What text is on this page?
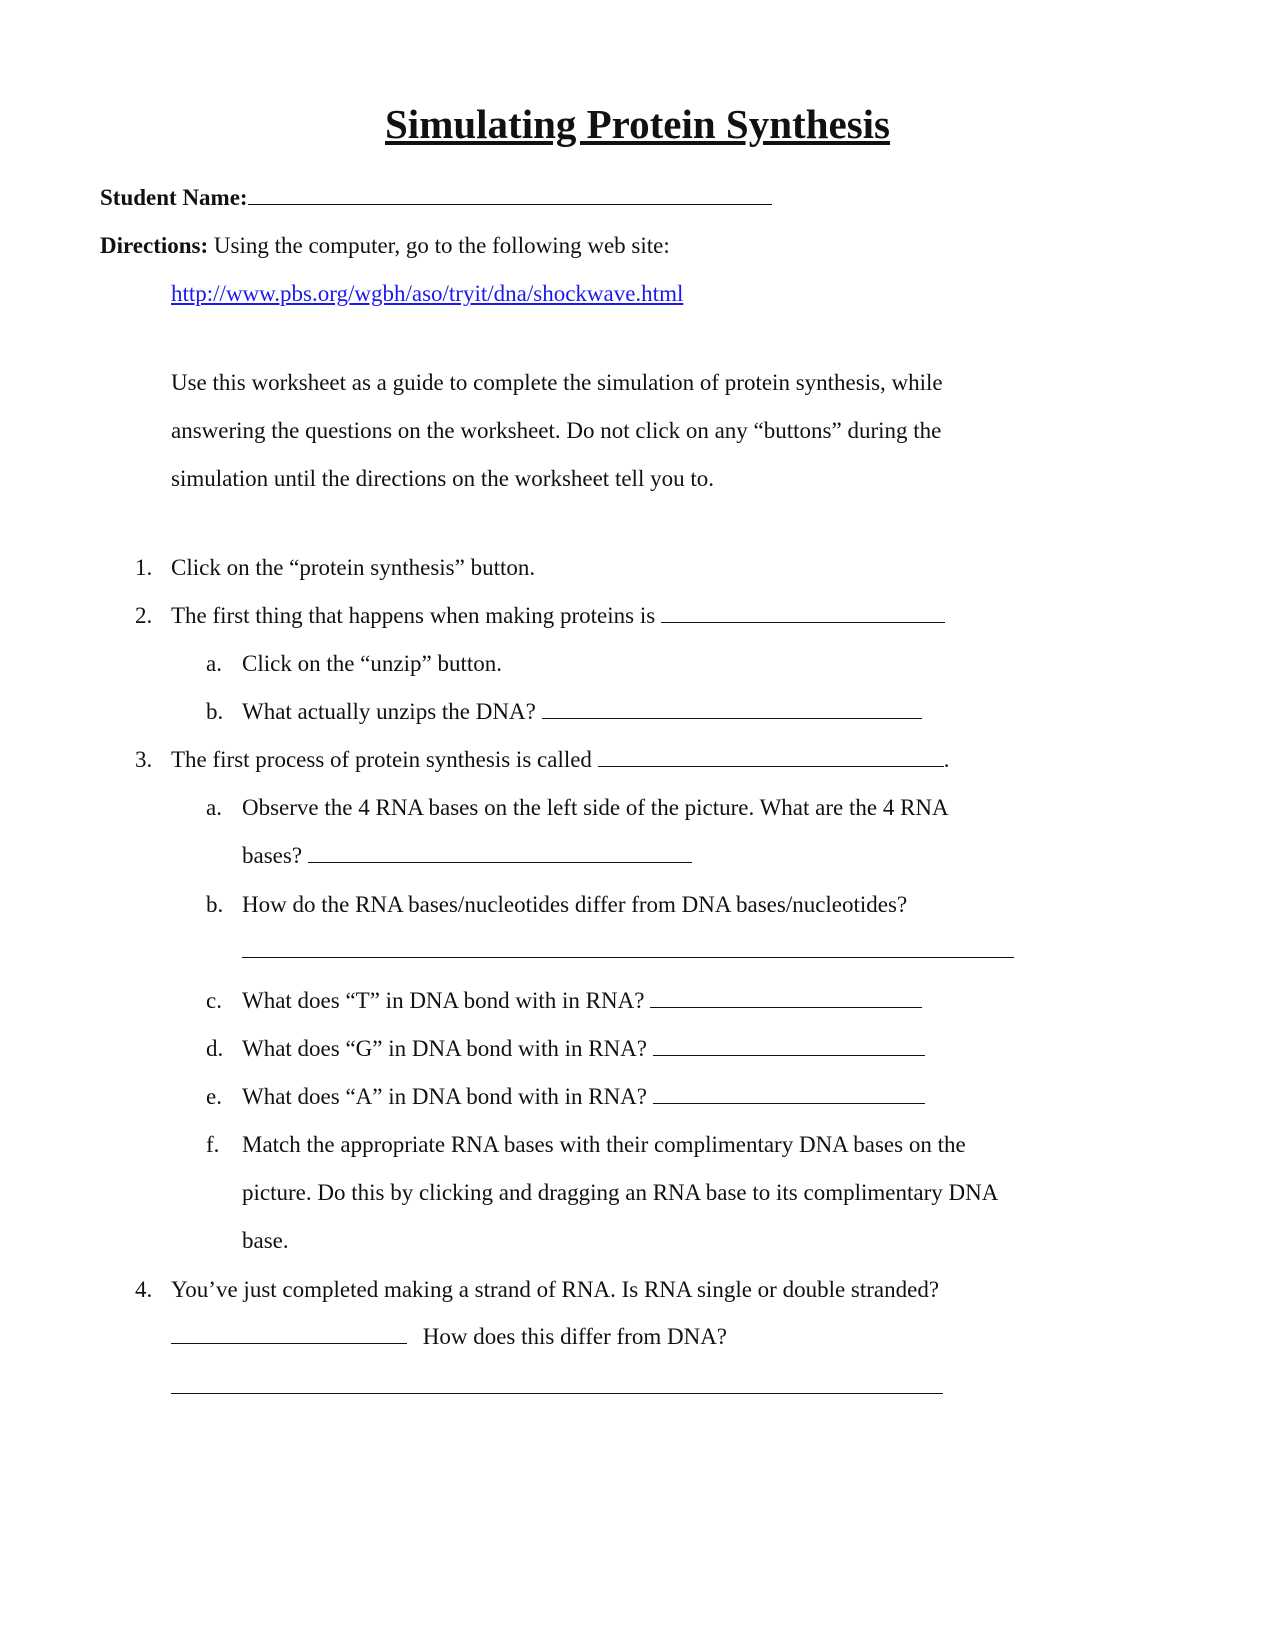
Simulating Protein Synthesis
Student Name:
Directions: Using the computer, go to the following web site:
http://www.pbs.org/wgbh/aso/tryit/dna/shockwave.html
Use this worksheet as a guide to complete the simulation of protein synthesis, while
answering the questions on the worksheet. Do not click on any “buttons” during the
simulation until the directions on the worksheet tell you to.
1. Click on the “protein synthesis” button.
2. The first thing that happens when making proteins is
a. Click on the “unzip” button.
b. What actually unzips the DNA?
3. The first process of protein synthesis is called	.
a. Observe the 4 RNA bases on the left side of the picture. What are the 4 RNA
bases?
b. How do the RNA bases/nucleotides differ from DNA bases/nucleotides?
c. What does “T” in DNA bond with in RNA?
d. What does “G” in DNA bond with in RNA?
e. What does “A” in DNA bond with in RNA?
f. Match the appropriate RNA bases with their complimentary DNA bases on the
picture. Do this by clicking and dragging an RNA base to its complimentary DNA
base.
4. You’ve just completed making a strand of RNA. Is RNA single or double stranded?
How does this differ from DNA?
